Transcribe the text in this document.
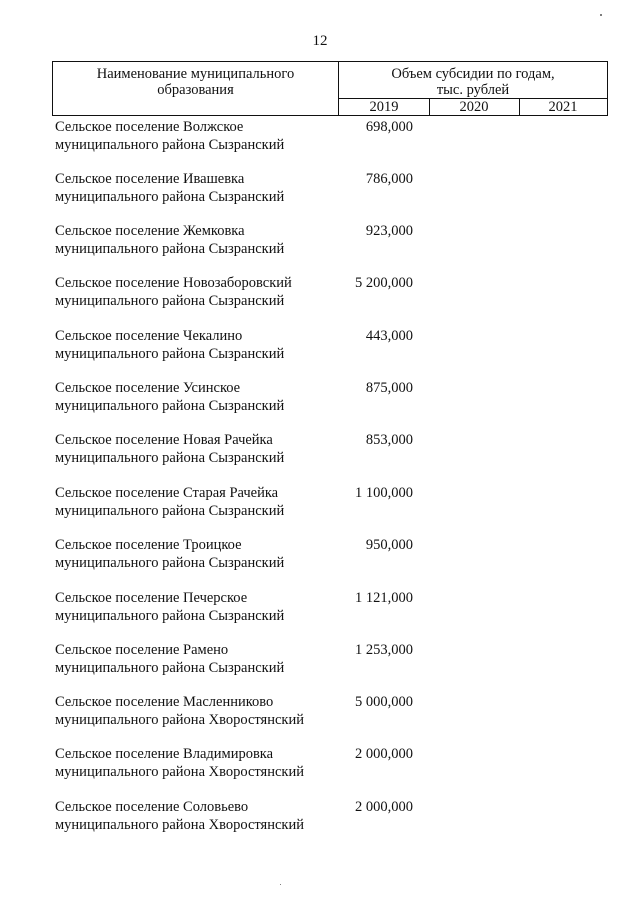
12
Наименование муниципального
образования
Объем субсидии по годам,
тыс. рублей
2019	2020	2021
Сельское поселение Волжское
муниципального района Сызранский
698,000
Сельское поселение Ивашевка
муниципального района Сызранский
786,000
Сельское поселение Жемковка
муниципального района Сызранский
923,000
Сельское поселение Новозаборовский
муниципального района Сызранский
5 200,000
Сельское поселение Чекалино
муниципального района Сызранский
443,000
Сельское поселение Усинское
муниципального района Сызранский
875,000
Сельское поселение Новая Рачейка
муниципального района Сызранский
853,000
Сельское поселение Старая Рачейка
муниципального района Сызранский
1 100,000
Сельское поселение Троицкое
муниципального района Сызранский
950,000
Сельское поселение Печерское
муниципального района Сызранский
1 121,000
Сельское поселение Рамено
муниципального района Сызранский
1 253,000
Сельское поселение Масленниково
муниципального района Хворостянский
5 000,000
Сельское поселение Владимировка
муниципального района Хворостянский
2 000,000
Сельское поселение Соловьево
муниципального района Хворостянский
2 000,000
